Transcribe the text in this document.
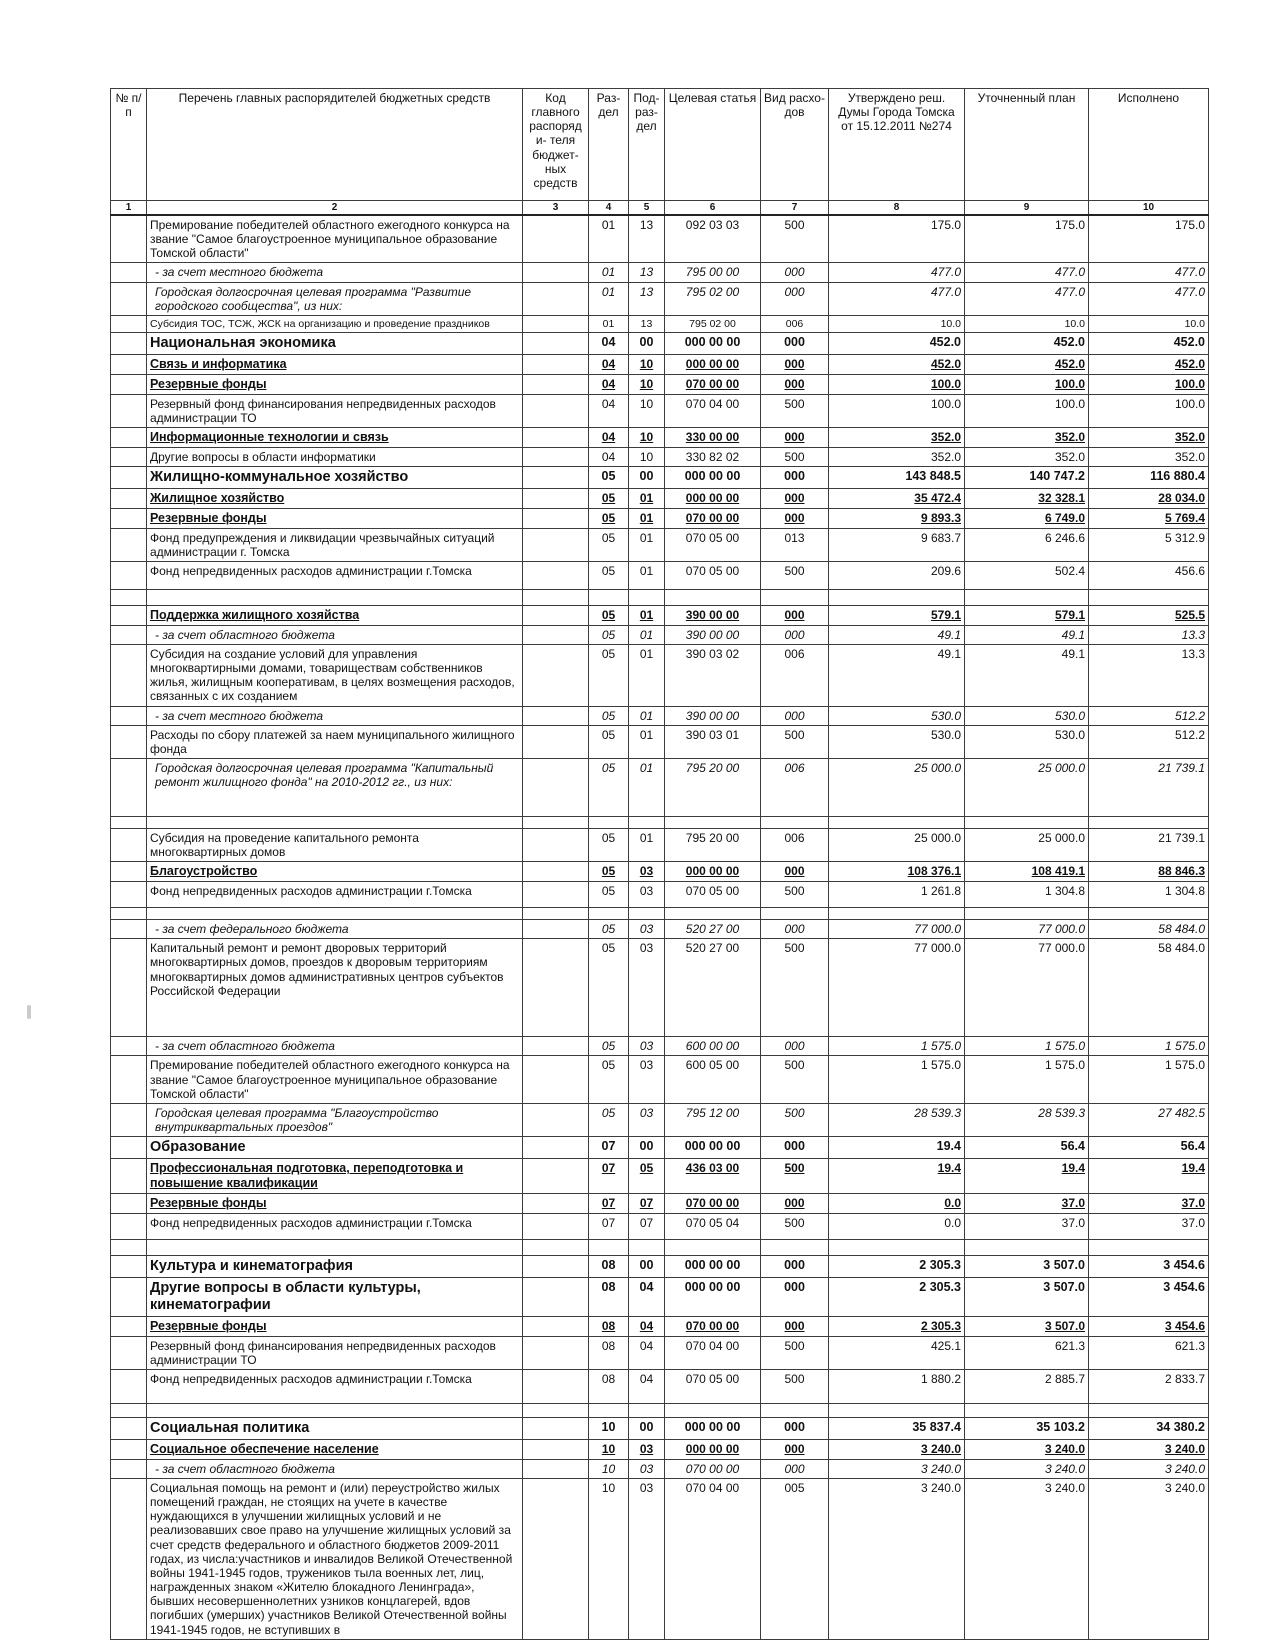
№ п/п	Перечень главных распорядителей бюджетных средств	Код главного распоряди- теля бюджет- ных средств	Раз- дел	Под- раз- дел	Целевая статья	Вид расхо- дов	Утверждено реш. Думы Города Томска от 15.12.2011 №274	Уточненный план	Исполнено
1	2	3	4	5	6	7	8	9	10
	Премирование победителей областного ежегодного конкурса на звание "Самое благоустроенное муниципальное образование Томской области"		01	13	092 03 03	500	175.0	175.0	175.0
	- за счет местного бюджета		01	13	795 00 00	000	477.0	477.0	477.0
	Городская долгосрочная целевая программа "Развитие городского сообщества", из них:		01	13	795 02 00	000	477.0	477.0	477.0
	Субсидия ТОС, ТСЖ, ЖСК на организацию и проведение праздников		01	13	795 02 00	006	10.0	10.0	10.0
	Национальная экономика		04	00	000 00 00	000	452.0	452.0	452.0
	Связь и информатика		04	10	000 00 00	000	452.0	452.0	452.0
	Резервные фонды		04	10	070 00 00	000	100.0	100.0	100.0
	Резервный фонд финансирования непредвиденных расходов администрации ТО		04	10	070 04 00	500	100.0	100.0	100.0
	Информационные технологии и связь		04	10	330 00 00	000	352.0	352.0	352.0
	Другие вопросы в области информатики		04	10	330 82 02	500	352.0	352.0	352.0
	Жилищно-коммунальное хозяйство		05	00	000 00 00	000	143 848.5	140 747.2	116 880.4
	Жилищное хозяйство		05	01	000 00 00	000	35 472.4	32 328.1	28 034.0
	Резервные фонды		05	01	070 00 00	000	9 893.3	6 749.0	5 769.4
	Фонд предупреждения и ликвидации чрезвычайных ситуаций администрации г. Томска		05	01	070 05 00	013	9 683.7	6 246.6	5 312.9
	Фонд непредвиденных расходов администрации г.Томска		05	01	070 05 00	500	209.6	502.4	456.6

	Поддержка жилищного хозяйства		05	01	390 00 00	000	579.1	579.1	525.5
	- за счет областного бюджета		05	01	390 00 00	000	49.1	49.1	13.3
	Субсидия на создание условий для управления многоквартирными домами, товариществам собственников жилья, жилищным кооперативам, в целях возмещения расходов, связанных с их созданием		05	01	390 03 02	006	49.1	49.1	13.3
	- за счет местного бюджета		05	01	390 00 00	000	530.0	530.0	512.2
	Расходы по сбору платежей за наем муниципального жилищного фонда		05	01	390 03 01	500	530.0	530.0	512.2
	Городская долгосрочная целевая программа "Капитальный ремонт жилищного фонда" на 2010-2012 гг., из них:		05	01	795 20 00	006	25 000.0	25 000.0	21 739.1

	Субсидия на проведение капитального ремонта многоквартирных домов		05	01	795 20 00	006	25 000.0	25 000.0	21 739.1
	Благоустройство		05	03	000 00 00	000	108 376.1	108 419.1	88 846.3
	Фонд непредвиденных расходов администрации г.Томска		05	03	070 05 00	500	1 261.8	1 304.8	1 304.8

	- за счет федерального бюджета		05	03	520 27 00	000	77 000.0	77 000.0	58 484.0
	Капитальный ремонт и ремонт дворовых территорий многоквартирных домов, проездов к дворовым территориям многоквартирных домов административных центров субъектов Российской Федерации		05	03	520 27 00	500	77 000.0	77 000.0	58 484.0
	- за счет областного бюджета		05	03	600 00 00	000	1 575.0	1 575.0	1 575.0
	Премирование победителей областного ежегодного конкурса на звание "Самое благоустроенное муниципальное образование Томской области"		05	03	600 05 00	500	1 575.0	1 575.0	1 575.0
	Городская целевая программа "Благоустройство внутриквартальных проездов"		05	03	795 12 00	500	28 539.3	28 539.3	27 482.5
	Образование		07	00	000 00 00	000	19.4	56.4	56.4
	Профессиональная подготовка, переподготовка и повышение квалификации		07	05	436 03 00	500	19.4	19.4	19.4
	Резервные фонды		07	07	070 00 00	000	0.0	37.0	37.0
	Фонд непредвиденных расходов администрации г.Томска		07	07	070 05 04	500	0.0	37.0	37.0

	Культура и кинематография		08	00	000 00 00	000	2 305.3	3 507.0	3 454.6
	Другие вопросы в области культуры, кинематографии		08	04	000 00 00	000	2 305.3	3 507.0	3 454.6
	Резервные фонды		08	04	070 00 00	000	2 305.3	3 507.0	3 454.6
	Резервный фонд финансирования непредвиденных расходов администрации ТО		08	04	070 04 00	500	425.1	621.3	621.3
	Фонд непредвиденных расходов администрации г.Томска		08	04	070 05 00	500	1 880.2	2 885.7	2 833.7

	Социальная политика		10	00	000 00 00	000	35 837.4	35 103.2	34 380.2
	Социальное обеспечение население		10	03	000 00 00	000	3 240.0	3 240.0	3 240.0
	- за счет областного бюджета		10	03	070 00 00	000	3 240.0	3 240.0	3 240.0
	Социальная помощь на ремонт и (или) переустройство жилых помещений граждан, не стоящих на учете в качестве нуждающихся в улучшении жилищных условий и не реализовавших свое право на улучшение жилищных условий за счет средств федерального и областного бюджетов 2009-2011 годах, из числа:участников и инвалидов Великой Отечественной войны 1941-1945 годов, тружеников тыла военных лет, лиц, награжденных знаком «Жителю блокадного Ленинграда», бывших несовершеннолетних узников концлагерей, вдов погибших (умерших) участников Великой Отечественной войны 1941-1945 годов, не вступивших в		10	03	070 04 00	005	3 240.0	3 240.0	3 240.0
